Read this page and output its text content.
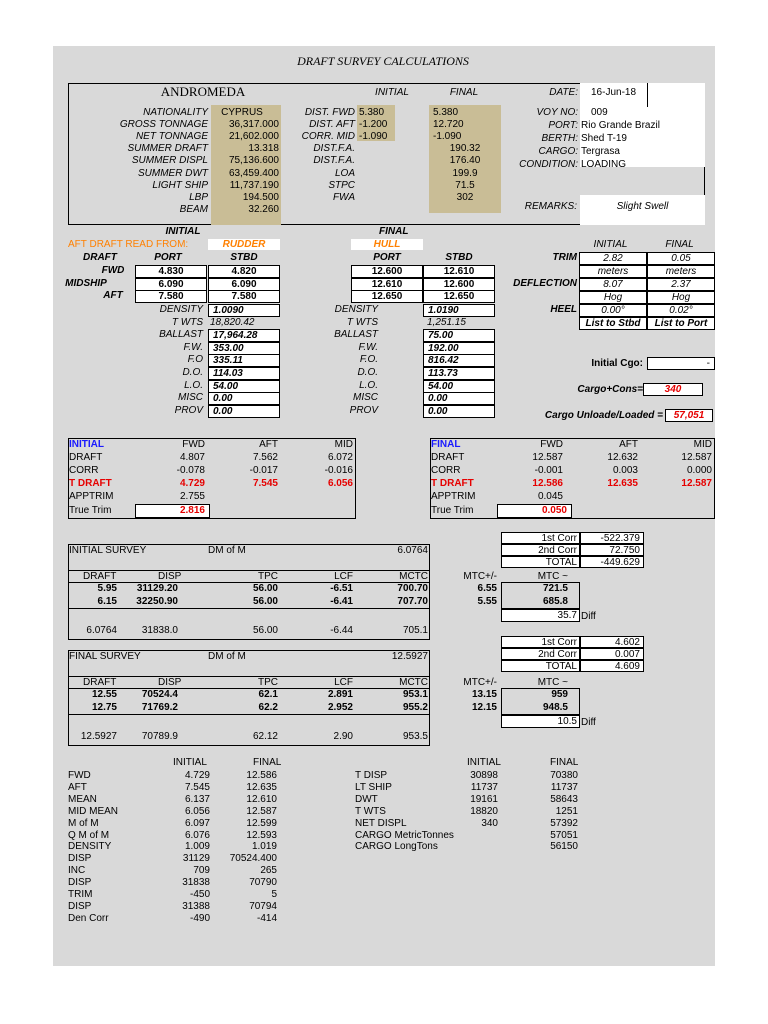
DRAFT SURVEY CALCULATIONS
ANDROMEDA	INITIAL	FINAL
REMARKS:	Slight Swell
INITIAL	FINAL
AFT DRAFT READ FROM:	RUDDER	HULL
DRAFT	PORT	STBD	PORT	STBD
INITIAL	FINAL
Initial Cgo:	-
Cargo+Cons=	340
Cargo Unloade/Loaded =	57,051
NATIONALITY	CYPRUS
GROSS TONNAGE	36,317.000
NET TONNAGE	21,602.000
SUMMER DRAFT	13.318
SUMMER DISPL	75,136.600
SUMMER DWT	63,459.400
LIGHT SHIP	11,737.190
LBP	194.500
BEAM	32.260
DIST. FWD 5.380	5.380
DIST. AFT -1.200	12.720
CORR. MID -1.090	-1.090
DIST.F.A.	190.32
DIST.F.A.	176.40
LOA	199.9
STPC	71.5
FWA	302
DATE: 16-Jun-18
VOY NO: 009
PORT: Rio Grande Brazil
BERTH: Shed T-19
CARGO: Tergrasa
CONDITION: LOADING
FWD	4.830	4.820	12.600	12.610
MIDSHIP	6.090	6.090	12.610	12.600
AFT	7.580	7.580	12.650	12.650
DENSITY	1.0090	DENSITY	1.0190
T WTS 18,820.42	T WTS	1,251.15
BALLAST	17,964.28	BALLAST	75.00
F.W.	353.00	F.W.	192.00
F.O	335.11	F.O.	816.42
D.O.	114.03	D.O.	113.73
L.O.	54.00	L.O.	54.00
MISC	0.00	MISC	0.00
PROV	0.00	PROV	0.00
TRIM	2.82	0.05
meters	meters
DEFLECTION	8.07	2.37
Hog	Hog
HEEL	0.00°	0.02°
List to Stbd	List to Port
INITIAL	FWD	AFT	MID
DRAFT	4.807	7.562	6.072
CORR	-0.078	-0.017	-0.016
T DRAFT	4.729	7.545	6.056
APPTRIM	2.755
True Trim	2.816
FINAL	FWD	AFT	MID
DRAFT	12.587	12.632	12.587
CORR	-0.001	0.003	0.000
T DRAFT	12.586	12.635	12.587
APPTRIM	0.045
True Trim	0.050
1st Corr	-522.379
2nd Corr	72.750
TOTAL	-449.629
1st Corr	4.602
2nd Corr	0.007
TOTAL	4.609
INITIAL SURVEY	DM of M	6.0764
DRAFT	DISP	TPC	LCF	MCTC	MTC+/-	MTC ~
5.95	31129.20	56.00	-6.51	700.70	6.55	721.5
6.15	32250.90	56.00	-6.41	707.70	5.55	685.8
35.7 Diff
6.0764	31838.0	56.00	-6.44	705.1
FINAL SURVEY	DM of M	12.5927
DRAFT	DISP	TPC	LCF	MCTC	MTC+/-	MTC ~
12.55	70524.4	62.1	2.891	953.1	13.15	959
12.75	71769.2	62.2	2.952	955.2	12.15	948.5
10.5 Diff
12.5927	70789.9	62.12	2.90	953.5
INITIAL	FINAL
FWD	4.729	12.586
AFT	7.545	12.635
MEAN	6.137	12.610
MID MEAN	6.056	12.587
M of M	6.097	12.599
Q M of M	6.076	12.593
DENSITY	1.009	1.019
DISP	31129	70524.400
INC	709	265
DISP	31838	70790
TRIM	-450	5
DISP	31388	70794
Den Corr	-490	-414
INITIAL	FINAL
T DISP	30898	70380
LT SHIP	11737	11737
DWT	19161	58643
T WTS	18820	1251
NET DISPL	340	57392
CARGO MetricTonnes	57051
CARGO LongTons	56150
